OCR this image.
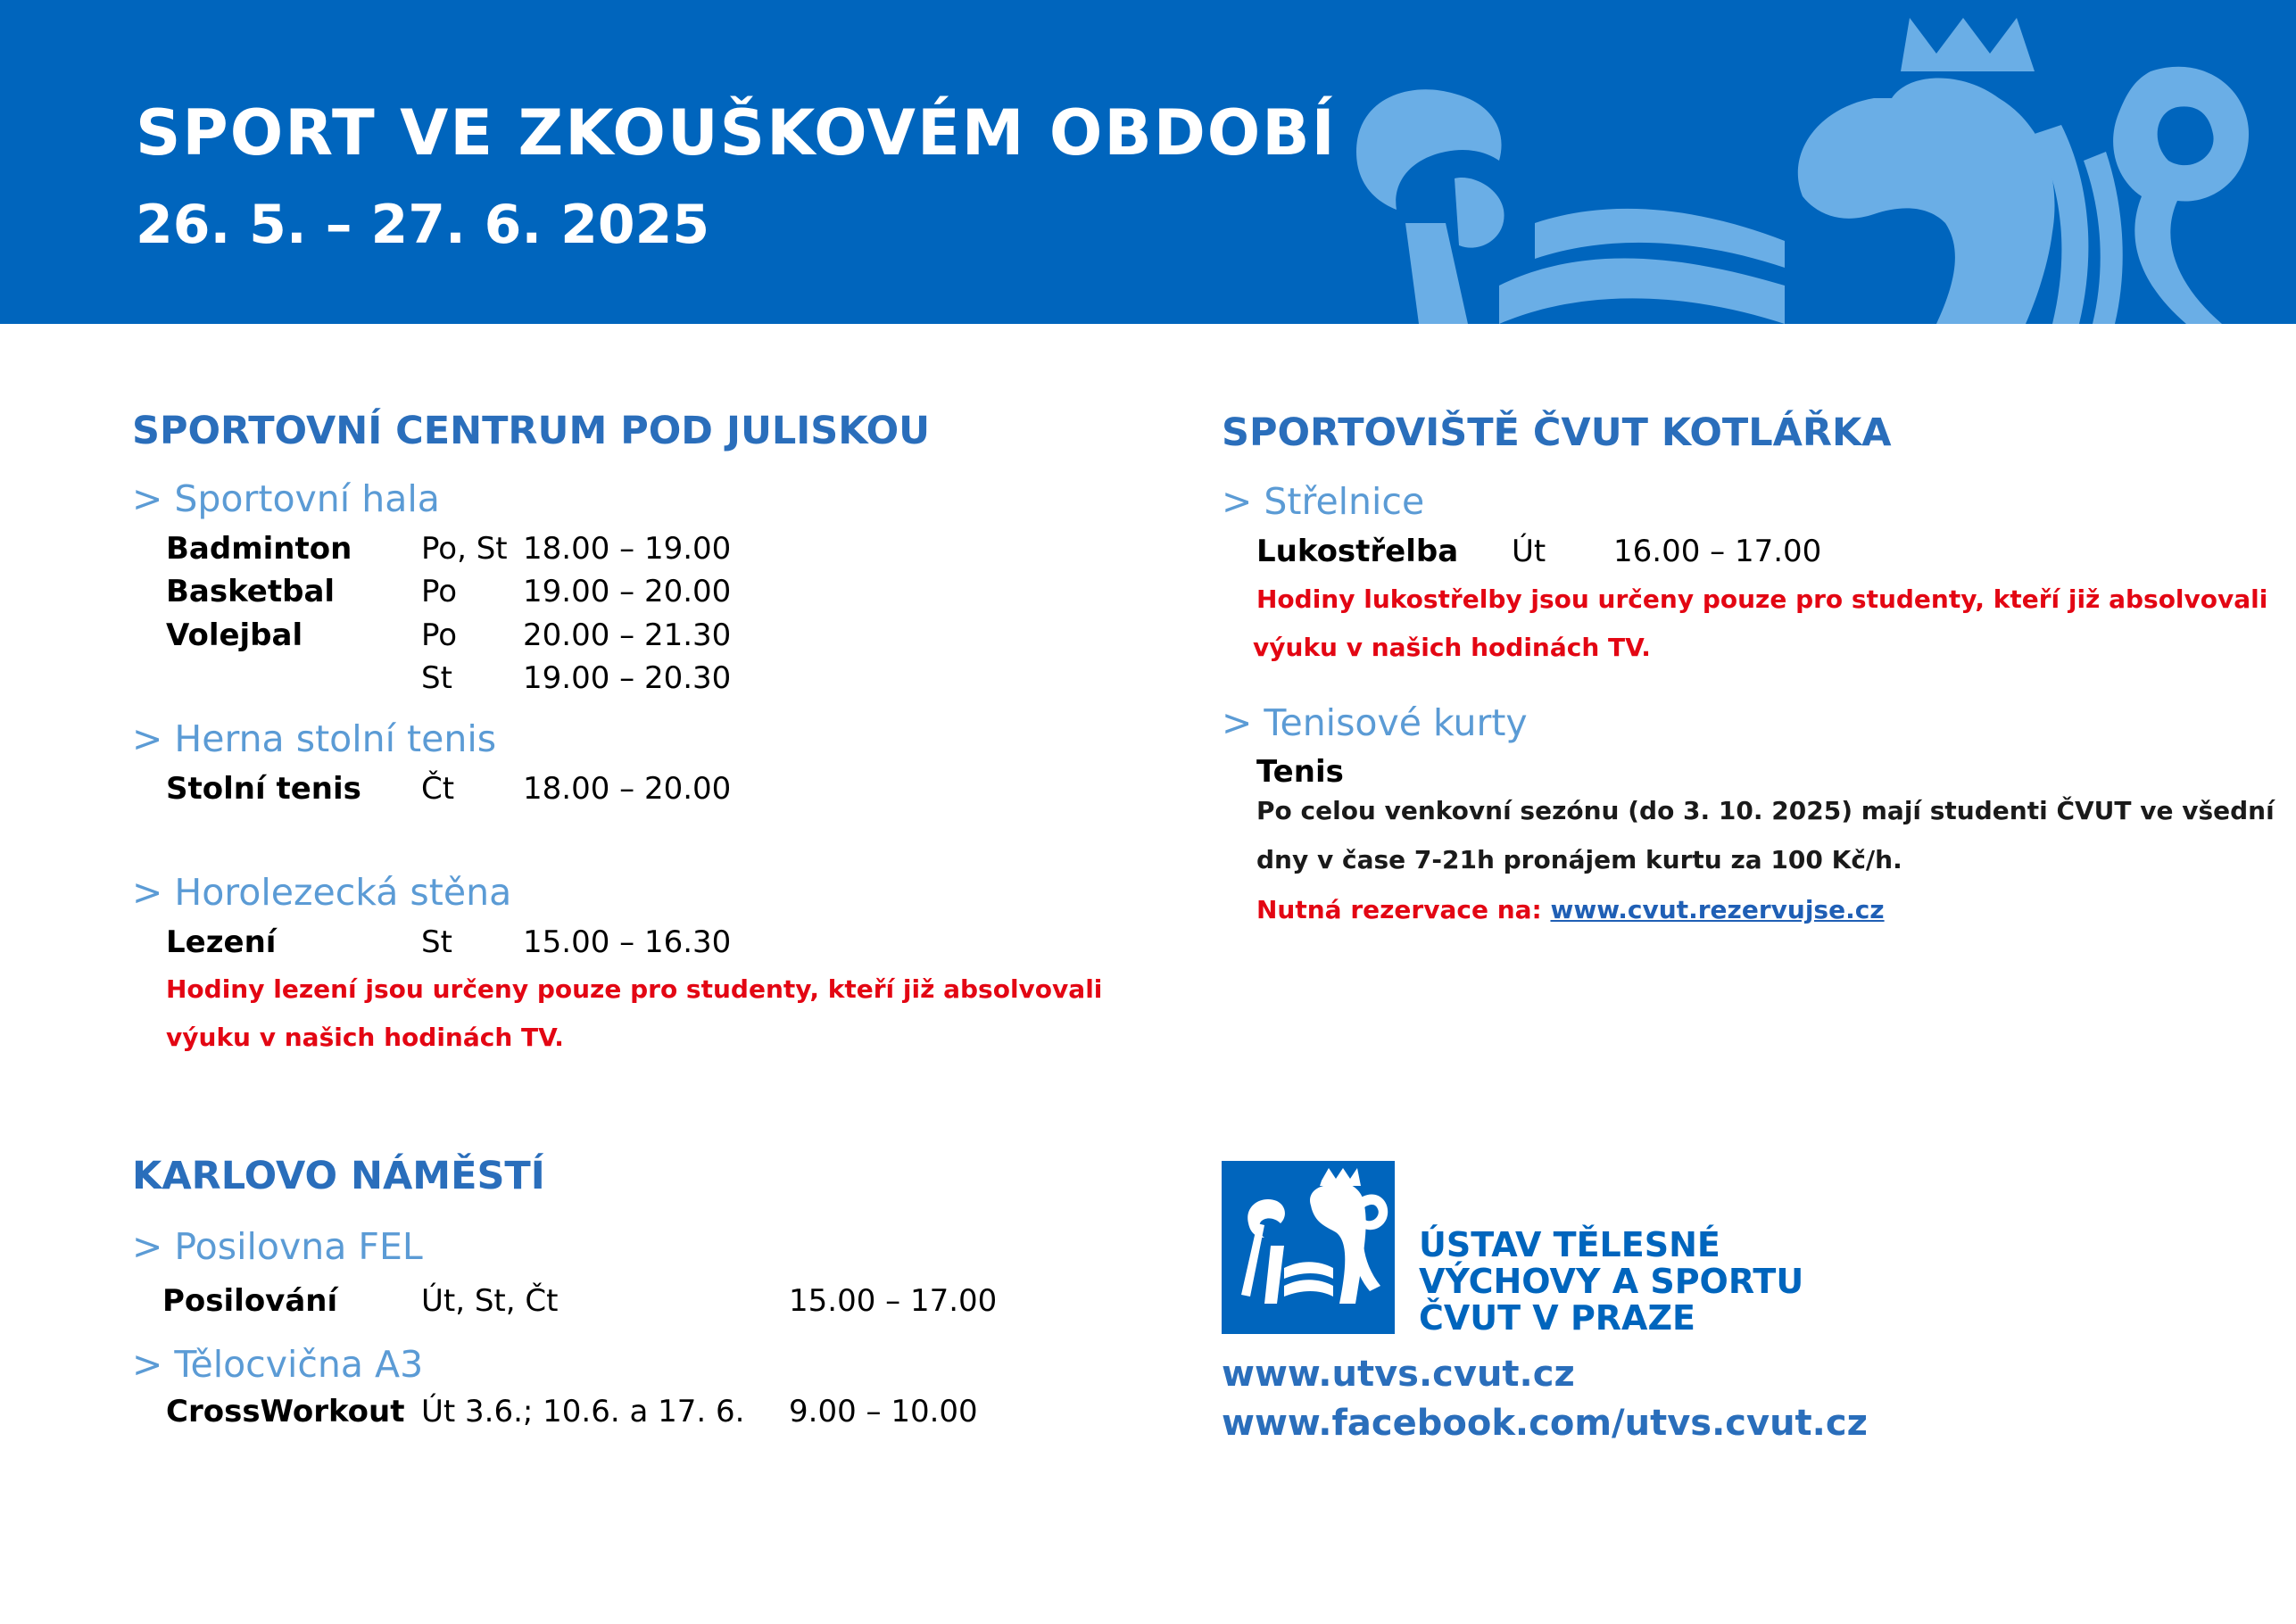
SPORT VE ZKOUŠKOVÉM OBDOBÍ
26. 5. – 27. 6. 2025
SPORTOVNÍ CENTRUM POD JULISKOU
> Sportovní hala
Badminton Po, St 18.00 – 19.00
Basketbal	Po 19.00 – 20.00
Volejbal	Po 20.00 – 21.30
St 19.00 – 20.30
> Herna stolní tenis
Stolní tenis Čt 18.00 – 20.00
> Horolezecká stěna
Lezení	St 15.00 – 16.30
Hodiny lezení jsou určeny pouze pro studenty, kteří již absolvovali
výuku v našich hodinách TV.
KARLOVO NÁMĚSTÍ
> Posilovna FEL
Posilování	Út, St, Čt	15.00 – 17.00
> Tělocvična A3
CrossWorkout Út 3.6.; 10.6. a 17. 6. 9.00 – 10.00
SPORTOVIŠTĚ ČVUT KOTLÁŘKA
> Střelnice
Lukostřelba Út 16.00 – 17.00
Hodiny lukostřelby jsou určeny pouze pro studenty, kteří již absolvovali
výuku v našich hodinách TV.
> Tenisové kurty
Tenis
Po celou venkovní sezónu (do 3. 10. 2025) mají studenti ČVUT ve všední
dny v čase 7-21h pronájem kurtu za 100 Kč/h.
Nutná rezervace na: www.cvut.rezervujse.cz
ÚSTAV TĚLESNÉ
VÝCHOVY A SPORTU
ČVUT V PRAZE
www.utvs.cvut.cz
www.facebook.com/utvs.cvut.cz
